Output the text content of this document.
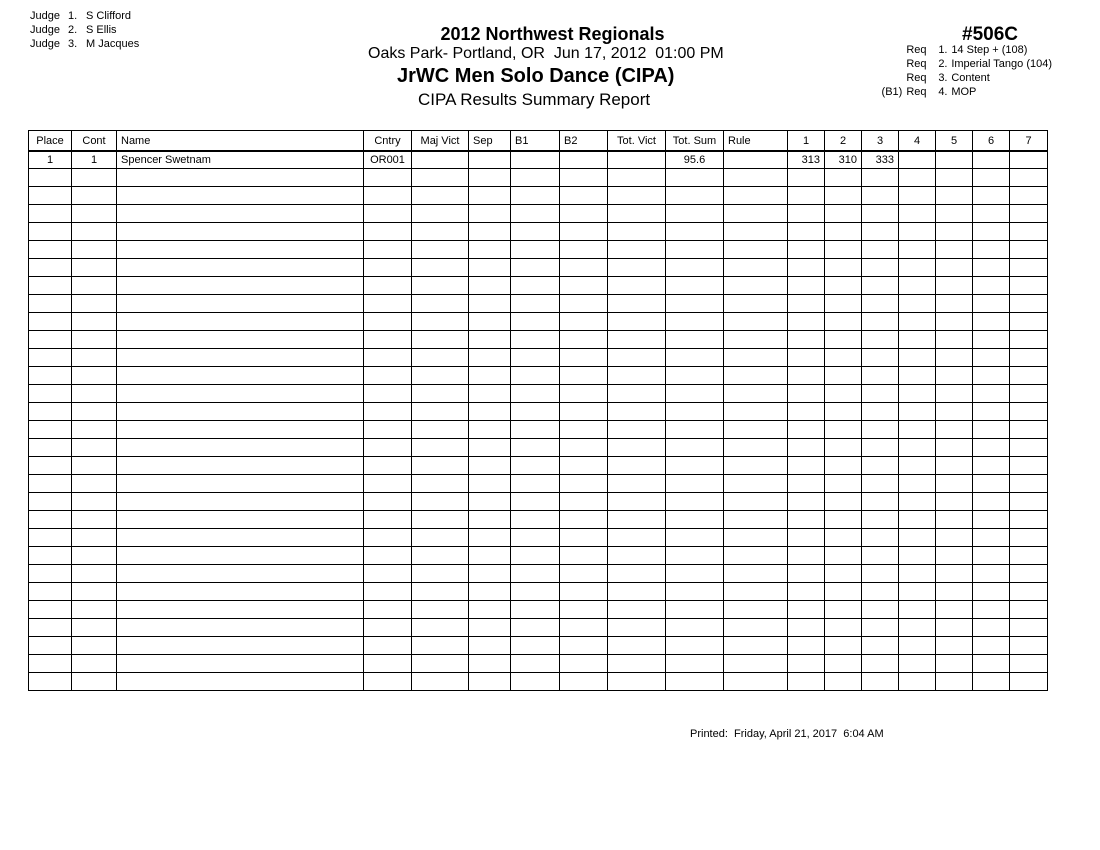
Judge 1. S Clifford
Judge 2. S Ellis
Judge 3. M Jacques	2012 Northwest Regionals
Oaks Park- Portland, OR  Jun 17, 2012  01:00 PM
JrWC Men Solo Dance (CIPA)
CIPA Results Summary Report
#506C
Req 1. 14 Step + (108)
Req 2. Imperial Tango (104)
Req 3. Content
(B1) Req 4. MOP
Place	Cont	Name	Cntry	Maj Vict	Sep	B1	B2	Tot. Vict	Tot. Sum	Rule	1	2	3	4	5	6	7
1	1	Spencer Swetnam	OR001						95.6		313	310	333				

Printed:  Friday, April 21, 2017  6:04 AM
